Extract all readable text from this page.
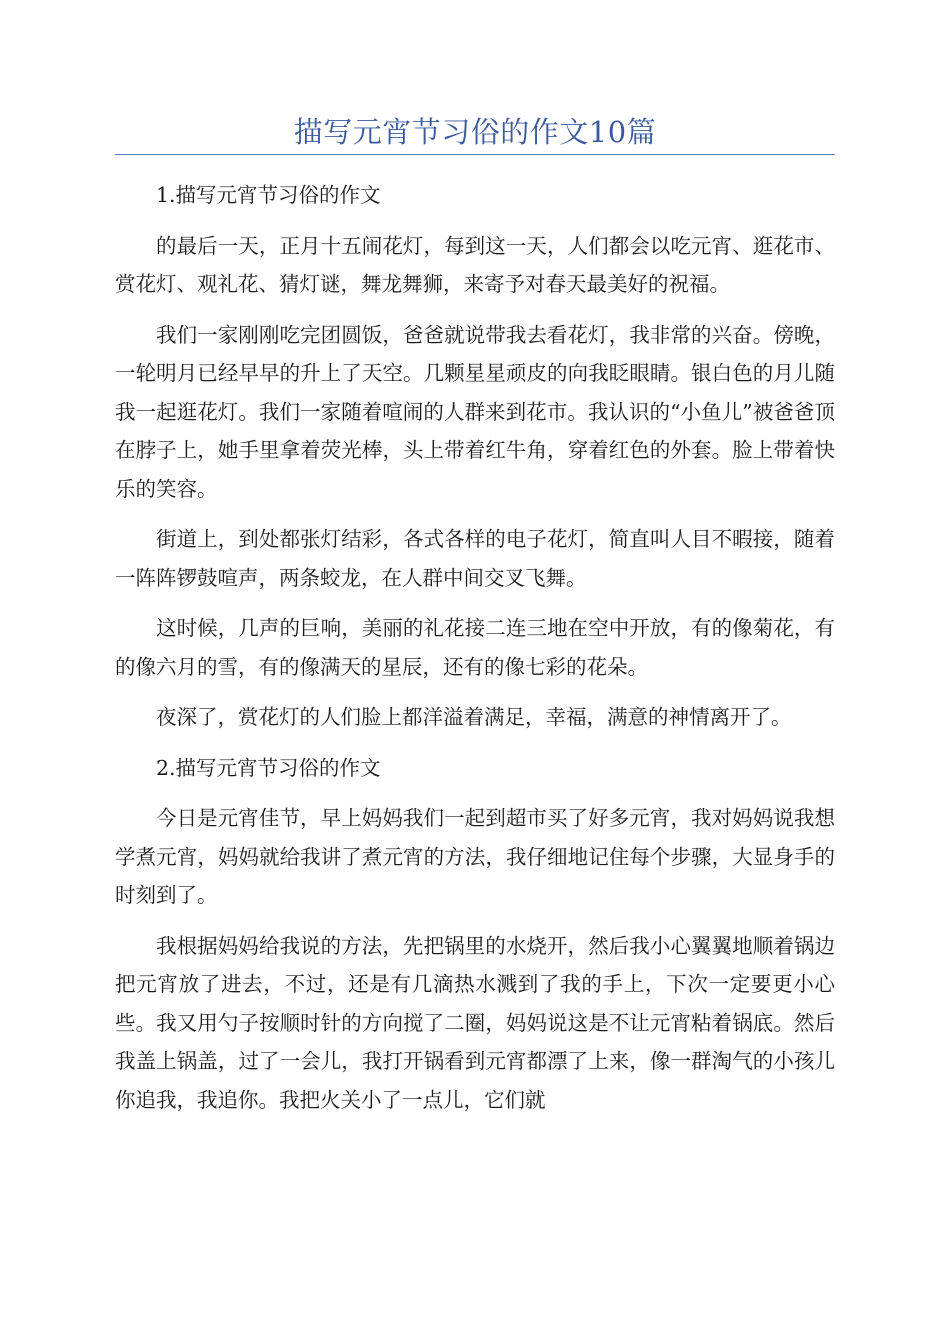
描写元宵节习俗的作文10篇

1.描写元宵节习俗的作文

的最后一天，正月十五闹花灯，每到这一天，人们都会以吃元宵、逛花市、赏花灯、观礼花、猜灯谜，舞龙舞狮，来寄予对春天最美好的祝福。

我们一家刚刚吃完团圆饭，爸爸就说带我去看花灯，我非常的兴奋。傍晚，一轮明月已经早早的升上了天空。几颗星星顽皮的向我眨眼睛。银白色的月儿随我一起逛花灯。我们一家随着喧闹的人群来到花市。我认识的“小鱼儿”被爸爸顶在脖子上，她手里拿着荧光棒，头上带着红牛角，穿着红色的外套。脸上带着快乐的笑容。

街道上，到处都张灯结彩，各式各样的电子花灯，简直叫人目不暇接，随着一阵阵锣鼓喧声，两条蛟龙，在人群中间交叉飞舞。

这时候，几声的巨响，美丽的礼花接二连三地在空中开放，有的像菊花，有的像六月的雪，有的像满天的星辰，还有的像七彩的花朵。

夜深了，赏花灯的人们脸上都洋溢着满足，幸福，满意的神情离开了。

2.描写元宵节习俗的作文

今日是元宵佳节，早上妈妈我们一起到超市买了好多元宵，我对妈妈说我想学煮元宵，妈妈就给我讲了煮元宵的方法，我仔细地记住每个步骤，大显身手的时刻到了。

我根据妈妈给我说的方法，先把锅里的水烧开，然后我小心翼翼地顺着锅边把元宵放了进去，不过，还是有几滴热水溅到了我的手上，下次一定要更小心些。我又用勺子按顺时针的方向搅了二圈，妈妈说这是不让元宵粘着锅底。然后我盖上锅盖，过了一会儿，我打开锅看到元宵都漂了上来，像一群淘气的小孩儿你追我，我追你。我把火关小了一点儿，它们就
